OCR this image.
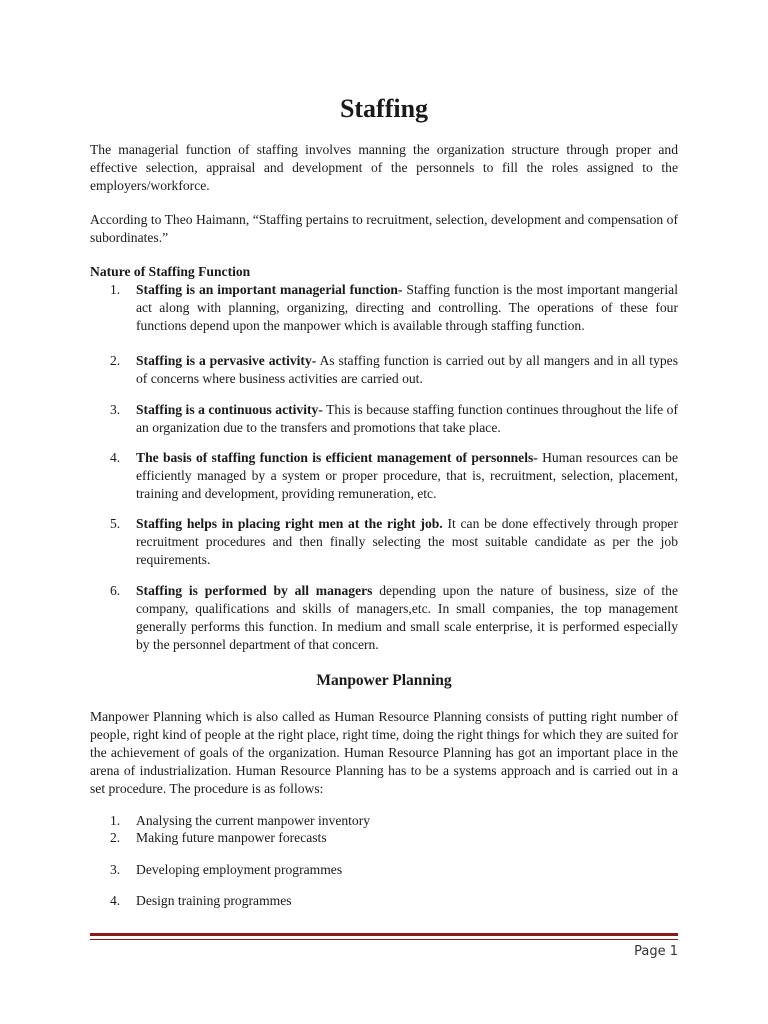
Staffing

The managerial function of staffing involves manning the organization structure through proper and effective selection, appraisal and development of the personnels to fill the roles assigned to the employers/workforce.

According to Theo Haimann, “Staffing pertains to recruitment, selection, development and compensation of subordinates.”

Nature of Staffing Function

1.	Staffing is an important managerial function- Staffing function is the most important mangerial act along with planning, organizing, directing and controlling. The operations of these four functions depend upon the manpower which is available through staffing function.
2.	Staffing is a pervasive activity- As staffing function is carried out by all mangers and in all types of concerns where business activities are carried out.
3.	Staffing is a continuous activity- This is because staffing function continues throughout the life of an organization due to the transfers and promotions that take place.
4.	The basis of staffing function is efficient management of personnels- Human resources can be efficiently managed by a system or proper procedure, that is, recruitment, selection, placement, training and development, providing remuneration, etc.
5.	Staffing helps in placing right men at the right job. It can be done effectively through proper recruitment procedures and then finally selecting the most suitable candidate as per the job requirements.
6.	Staffing is performed by all managers depending upon the nature of business, size of the company, qualifications and skills of managers,etc. In small companies, the top management generally performs this function. In medium and small scale enterprise, it is performed especially by the personnel department of that concern.

Manpower Planning

Manpower Planning which is also called as Human Resource Planning consists of putting right number of people, right kind of people at the right place, right time, doing the right things for which they are suited for the achievement of goals of the organization. Human Resource Planning has got an important place in the arena of industrialization. Human Resource Planning has to be a systems approach and is carried out in a set procedure. The procedure is as follows:

1.	Analysing the current manpower inventory
2.	Making future manpower forecasts
3.	Developing employment programmes
4.	Design training programmes
Page 1
